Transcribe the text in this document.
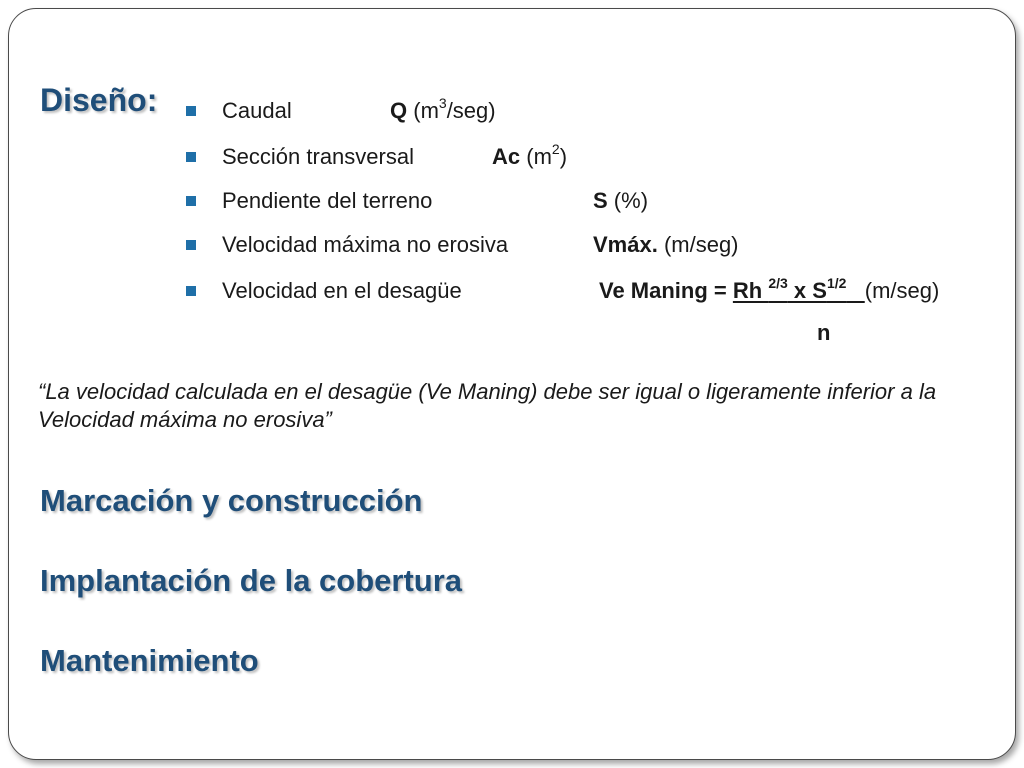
Diseño:	Caudal	Q $(m^3/seg)$
Sección transversal	Ac $(m^2)$
Pendiente del terreno	S (%)
Velocidad máxima no erosiva	Vmáx. (m/seg)
Velocidad en el desagüe	Ve Maning = Rh $^{2/3}$ x $S^{1/2}$ (m/seg)
n
“La velocidad calculada en el desagüe (Ve Maning) debe ser igual o ligeramente inferior a la Velocidad máxima no erosiva”
Marcación y construcción
Implantación de la cobertura
Mantenimiento
